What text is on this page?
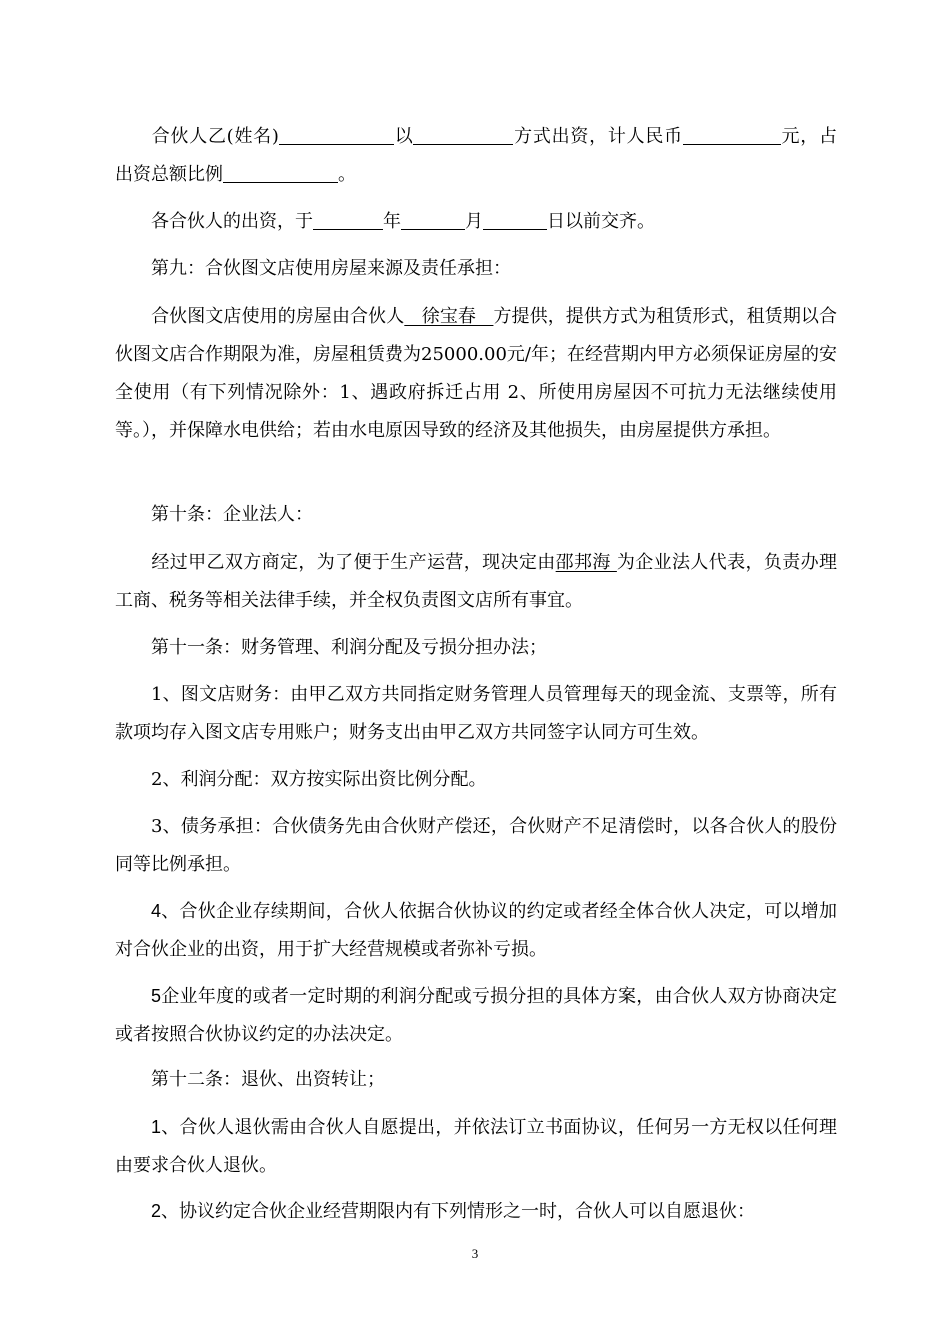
合伙人乙(姓名)	以	方式出资，计人民币	元，占出资总额比例	。

各合伙人的出资，于	年	月	日以前交齐。

第九：合伙图文店使用房屋来源及责任承担：

合伙图文店使用的房屋由合伙人   徐宝春   方提供，提供方式为租赁形式，租赁期以合伙图文店合作期限为准，房屋租赁费为25000.00元/年；在经营期内甲方必须保证房屋的安全使用（有下列情况除外：1、遇政府拆迁占用 2、所使用房屋因不可抗力无法继续使用等。），并保障水电供给；若由水电原因导致的经济及其他损失，由房屋提供方承担。

第十条：企业法人：

经过甲乙双方商定，为了便于生产运营，现决定由邵邦海 为企业法人代表，负责办理工商、税务等相关法律手续，并全权负责图文店所有事宜。

第十一条：财务管理、利润分配及亏损分担办法；

1、图文店财务：由甲乙双方共同指定财务管理人员管理每天的现金流、支票等，所有款项均存入图文店专用账户；财务支出由甲乙双方共同签字认同方可生效。

2、利润分配：双方按实际出资比例分配。

3、债务承担：合伙债务先由合伙财产偿还，合伙财产不足清偿时，以各合伙人的股份同等比例承担。

4、合伙企业存续期间，合伙人依据合伙协议的约定或者经全体合伙人决定，可以增加对合伙企业的出资，用于扩大经营规模或者弥补亏损。

5企业年度的或者一定时期的利润分配或亏损分担的具体方案，由合伙人双方协商决定或者按照合伙协议约定的办法决定。

第十二条：退伙、出资转让；

1、合伙人退伙需由合伙人自愿提出，并依法订立书面协议，任何另一方无权以任何理由要求合伙人退伙。

2、协议约定合伙企业经营期限内有下列情形之一时，合伙人可以自愿退伙：

3
